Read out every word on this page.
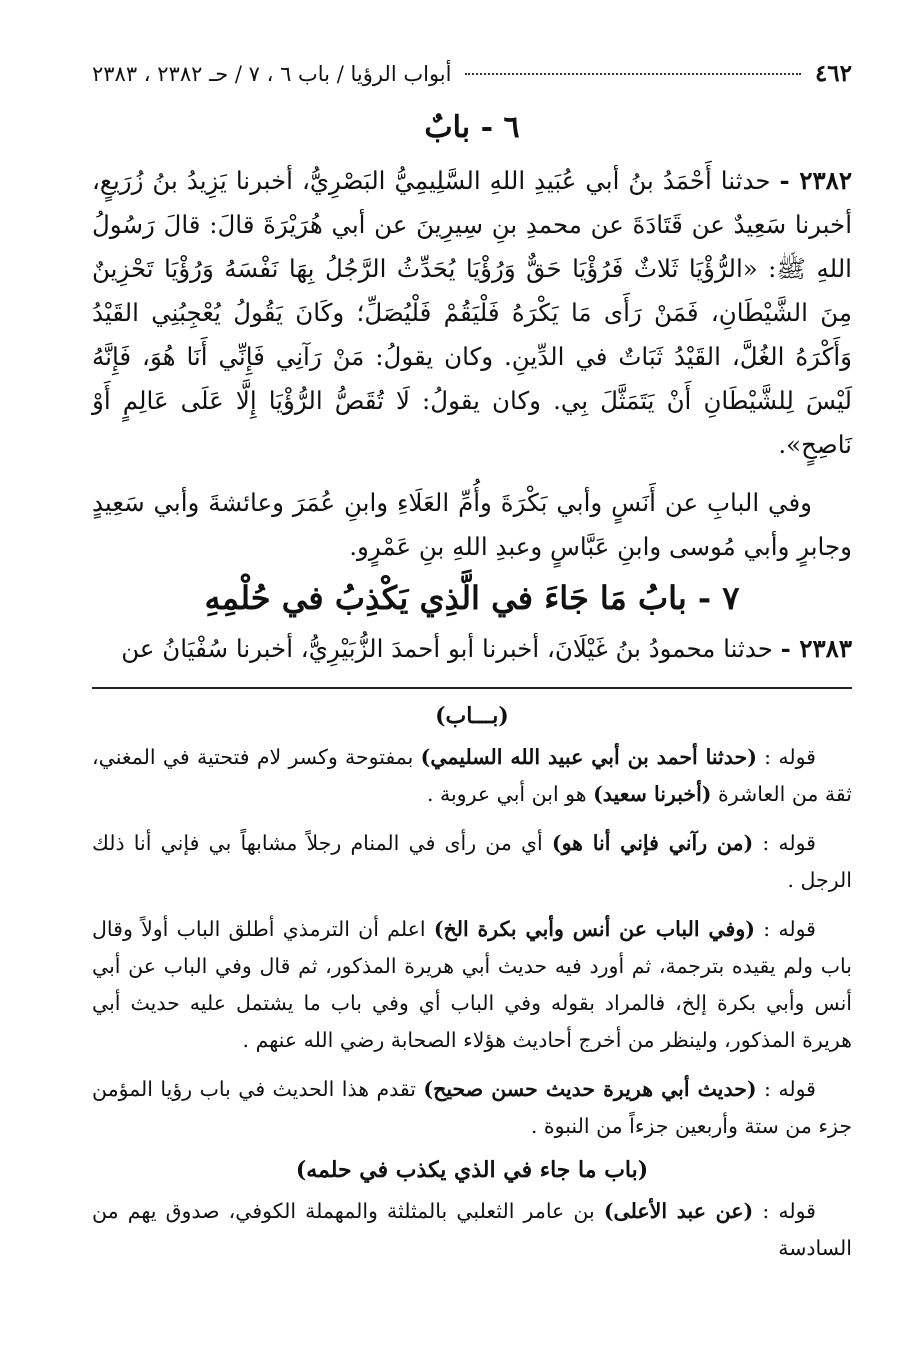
٤٦٢
أبواب الرؤيا / باب ٦ ، ٧ / حـ ٢٣٨٢ ، ٢٣٨٣
٦ - بابٌ

٢٣٨٢ - حدثنا أَحْمَدُ بنُ أبي عُبَيدِ اللهِ السَّلِيمِيُّ البَصْرِيُّ، أخبرنا يَزِيدُ بنُ زُرَيعٍ، أخبرنا سَعِيدٌ عن قَتَادَةَ عن محمدِ بنِ سِيرِينَ عن أبي هُرَيْرَةَ قالَ: قالَ رَسُولُ اللهِ ﷺ: «الرُّؤْيَا ثَلاثٌ فَرُؤْيَا حَقٌّ وَرُؤْيَا يُحَدِّثُ الرَّجُلُ بِهَا نَفْسَهُ وَرُؤْيَا تَحْزِينٌ مِنَ الشَّيْطَانِ، فَمَنْ رَأَى مَا يَكْرَهُ فَلْيَقُمْ فَلْيُصَلِّ؛ وكَانَ يَقُولُ يُعْجِبُنِي القَيْدُ وَأَكْرَهُ الغُلَّ، القَيْدُ ثَبَاتٌ في الدِّينِ. وكان يقولُ: مَنْ رَآنِي فَإِنِّي أَنَا هُوَ، فَإِنَّهُ لَيْسَ لِلشَّيْطَانِ أَنْ يَتَمَثَّلَ بِي. وكان يقولُ: لَا تُقَصُّ الرُّؤْيَا إِلَّا عَلَى عَالِمٍ أَوْ نَاصِحٍ».

وفي البابِ عن أَنَسٍ وأبي بَكْرَةَ وأُمِّ العَلَاءِ وابنِ عُمَرَ وعائشةَ وأبي سَعِيدٍ وجابرٍ وأبي مُوسى وابنِ عَبَّاسٍ وعبدِ اللهِ بنِ عَمْرٍو.

٧ - بابُ مَا جَاءَ في الَّذِي يَكْذِبُ في حُلْمِهِ

٢٣٨٣ - حدثنا محمودُ بنُ غَيْلَانَ، أخبرنا أبو أحمدَ الزُّبَيْرِيُّ، أخبرنا سُفْيَانُ عن

(بـــاب)

قوله : (حدثنا أحمد بن أبي عبيد الله السليمي) بمفتوحة وكسر لام فتحتية في المغني، ثقة من العاشرة (أخبرنا سعيد) هو ابن أبي عروبة .

قوله : (من رآني فإني أنا هو) أي من رأى في المنام رجلاً مشابهاً بي فإني أنا ذلك الرجل .

قوله : (وفي الباب عن أنس وأبي بكرة الخ) اعلم أن الترمذي أطلق الباب أولاً وقال باب ولم يقيده بترجمة، ثم أورد فيه حديث أبي هريرة المذكور، ثم قال وفي الباب عن أبي أنس وأبي بكرة إلخ، فالمراد بقوله وفي الباب أي وفي باب ما يشتمل عليه حديث أبي هريرة المذكور، ولينظر من أخرج أحاديث هؤلاء الصحابة رضي الله عنهم .

قوله : (حديث أبي هريرة حديث حسن صحيح) تقدم هذا الحديث في باب رؤيا المؤمن جزء من ستة وأربعين جزءاً من النبوة .

(باب ما جاء في الذي يكذب في حلمه)

قوله : (عن عبد الأعلى) بن عامر الثعلبي بالمثلثة والمهملة الكوفي، صدوق يهم من السادسة
